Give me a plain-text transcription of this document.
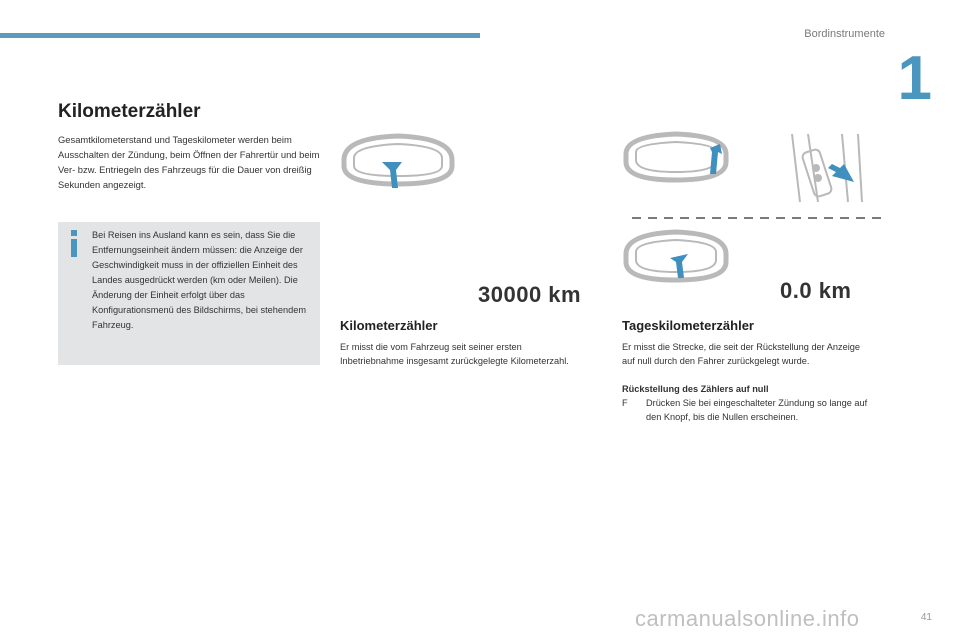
Bordinstrumente
1
Kilometerzähler

Gesamtkilometerstand und Tageskilometer werden beim Ausschalten der Zündung, beim Öffnen der Fahrertür und beim Ver- bzw. Entriegeln des Fahrzeugs für die Dauer von dreißig Sekunden angezeigt.

Bei Reisen ins Ausland kann es sein, dass Sie die Entfernungseinheit ändern müssen: die Anzeige der Geschwindigkeit muss in der offiziellen Einheit des Landes ausgedrückt werden (km oder Meilen). Die Änderung der Einheit erfolgt über das Konfigurationsmenü des Bildschirms, bei stehendem Fahrzeug.

30000 km	0.0 km
Kilometerzähler

Er misst die vom Fahrzeug seit seiner ersten Inbetriebnahme insgesamt zurückgelegte Kilometerzahl.

Tageskilometerzähler

Er misst die Strecke, die seit der Rückstellung der Anzeige auf null durch den Fahrer zurückgelegt wurde.

Rückstellung des Zählers auf null

F Drücken Sie bei eingeschalteter Zündung so lange auf den Knopf, bis die Nullen erscheinen.
carmanualsonline.info	41
